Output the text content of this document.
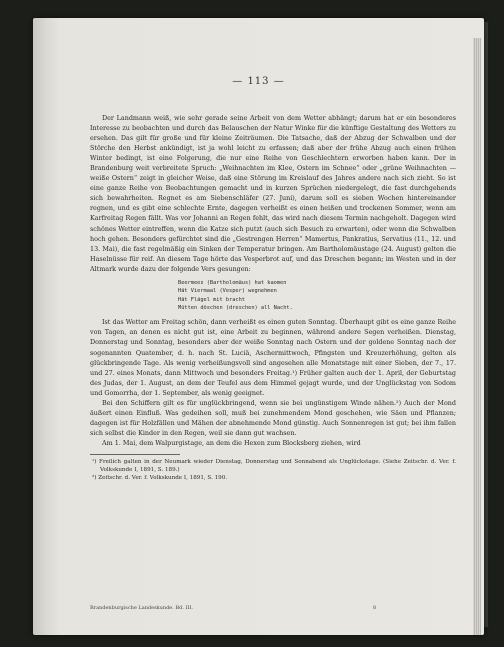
— 113 —

Der Landmann weiß, wie sehr gerade seine Arbeit von dem Wetter abhängt; darum hat er ein besonderes Interesse zu beobachten und durch das Belauschen der Natur Winke für die künftige Gestaltung des Wetters zu ersehen. Das gilt für große und für kleine Zeiträumen. Die Tatsache, daß der Abzug der Schwalben und der Störche den Herbst ankündigt, ist ja wohl leicht zu erfassen; daß aber der frühe Abzug auch einen frühen Winter bedingt, ist eine Folgerung, die nur eine Reihe von Geschlechtern erworben haben kann. Der in Brandenburg weit verbreitete Spruch: „Weihnachten im Klee, Ostern im Schnee“ oder „grüne Weihnachten — weiße Ostern“ zeigt in gleicher Weise, daß eine Störung im Kreislauf des Jahres andere nach sich zieht. So ist eine ganze Reihe von Beobachtungen gemacht und in kurzen Sprüchen niedergelegt, die fast durchgehends sich bewahrheiten. Regnet es am Siebenschläfer (27. Juni), darum soll es sieben Wochen hintereinander regnen, und es gibt eine schlechte Ernte, dagegen verheißt es einen heißen und trockenen Sommer, wenn am Karfreitag Regen fällt. Was vor Johanni an Regen fehlt, das wird nach diesem Termin nachgeholt. Dagegen wird schönes Wetter eintreffen, wenn die Katze sich putzt (auch sich Besuch zu erwarten), oder wenn die Schwalben hoch gehen. Besonders gefürchtet sind die „Gestrengen Herren“ Mamertus, Pankratius, Servatius (11., 12. und 13. Mai), die fast regelmäßig ein Sinken der Temperatur bringen. Am Bartholomäustage (24. August) gelten die Haselnüsse für reif. An diesem Tage hörte das Vesperbrot auf, und das Dreschen begann; im Westen und in der Altmark wurde dazu der folgende Vers gesungen:

Beermees (Bartholomäus) hat kaomen
Hät Viermaal (Vesper) wegnehmen
Hät Flägel mit bracht
Mütten döschen (dreschen) all Nacht.

Ist das Wetter am Freitag schön, dann verheißt es einen guten Sonntag. Überhaupt gibt es eine ganze Reihe von Tagen, an denen es nicht gut ist, eine Arbeit zu beginnen, während andere Segen verheißen. Dienstag, Donnerstag und Sonntag, besonders aber der weiße Sonntag nach Ostern und der goldene Sonntag nach der sogenannten Quatember, d. h. nach St. Luciä, Aschermittwoch, Pfingsten und Kreuzerhöhung, gelten als glückbringende Tage. Als wenig verheißungsvoll sind angesehen alle Monatstage mit einer Sieben, der 7., 17. und 27. eines Monats, dann Mittwoch und besonders Freitag.¹) Früher galten auch der 1. April, der Geburtstag des Judas, der 1. August, an dem der Teufel aus dem Himmel gejagt wurde, und der Unglückstag von Sodom und Gomorrha, der 1. September, als wenig geeignet.

Bei den Schiffern gilt es für unglückbringend, wenn sie bei ungünstigem Winde nähen.²) Auch der Mond äußert einen Einfluß. Was gedeihen soll, muß bei zunehmendem Mond geschehen, wie Säen und Pflanzen; dagegen ist für Holzfällen und Mähen der abnehmende Mond günstig. Auch Sonnenregen ist gut; bei ihm fallen sich selbst die Kinder in den Regen, weil sie dann gut wachsen.

Am 1. Mai, dem Walpurgistage, an dem die Hexen zum Blocksberg ziehen, wird

¹) Freilich galten in der Neumark wieder Dienstag, Donnerstag und Sonnabend als Unglückstage. (Siehe Zeitschr. d. Ver. f. Volkskunde I, 1891, S. 189.)
²) Zeitschr. d. Ver. f. Volkskunde I, 1891, S. 190.
Brandenburgische Landeskunde. Bd. III.	8
